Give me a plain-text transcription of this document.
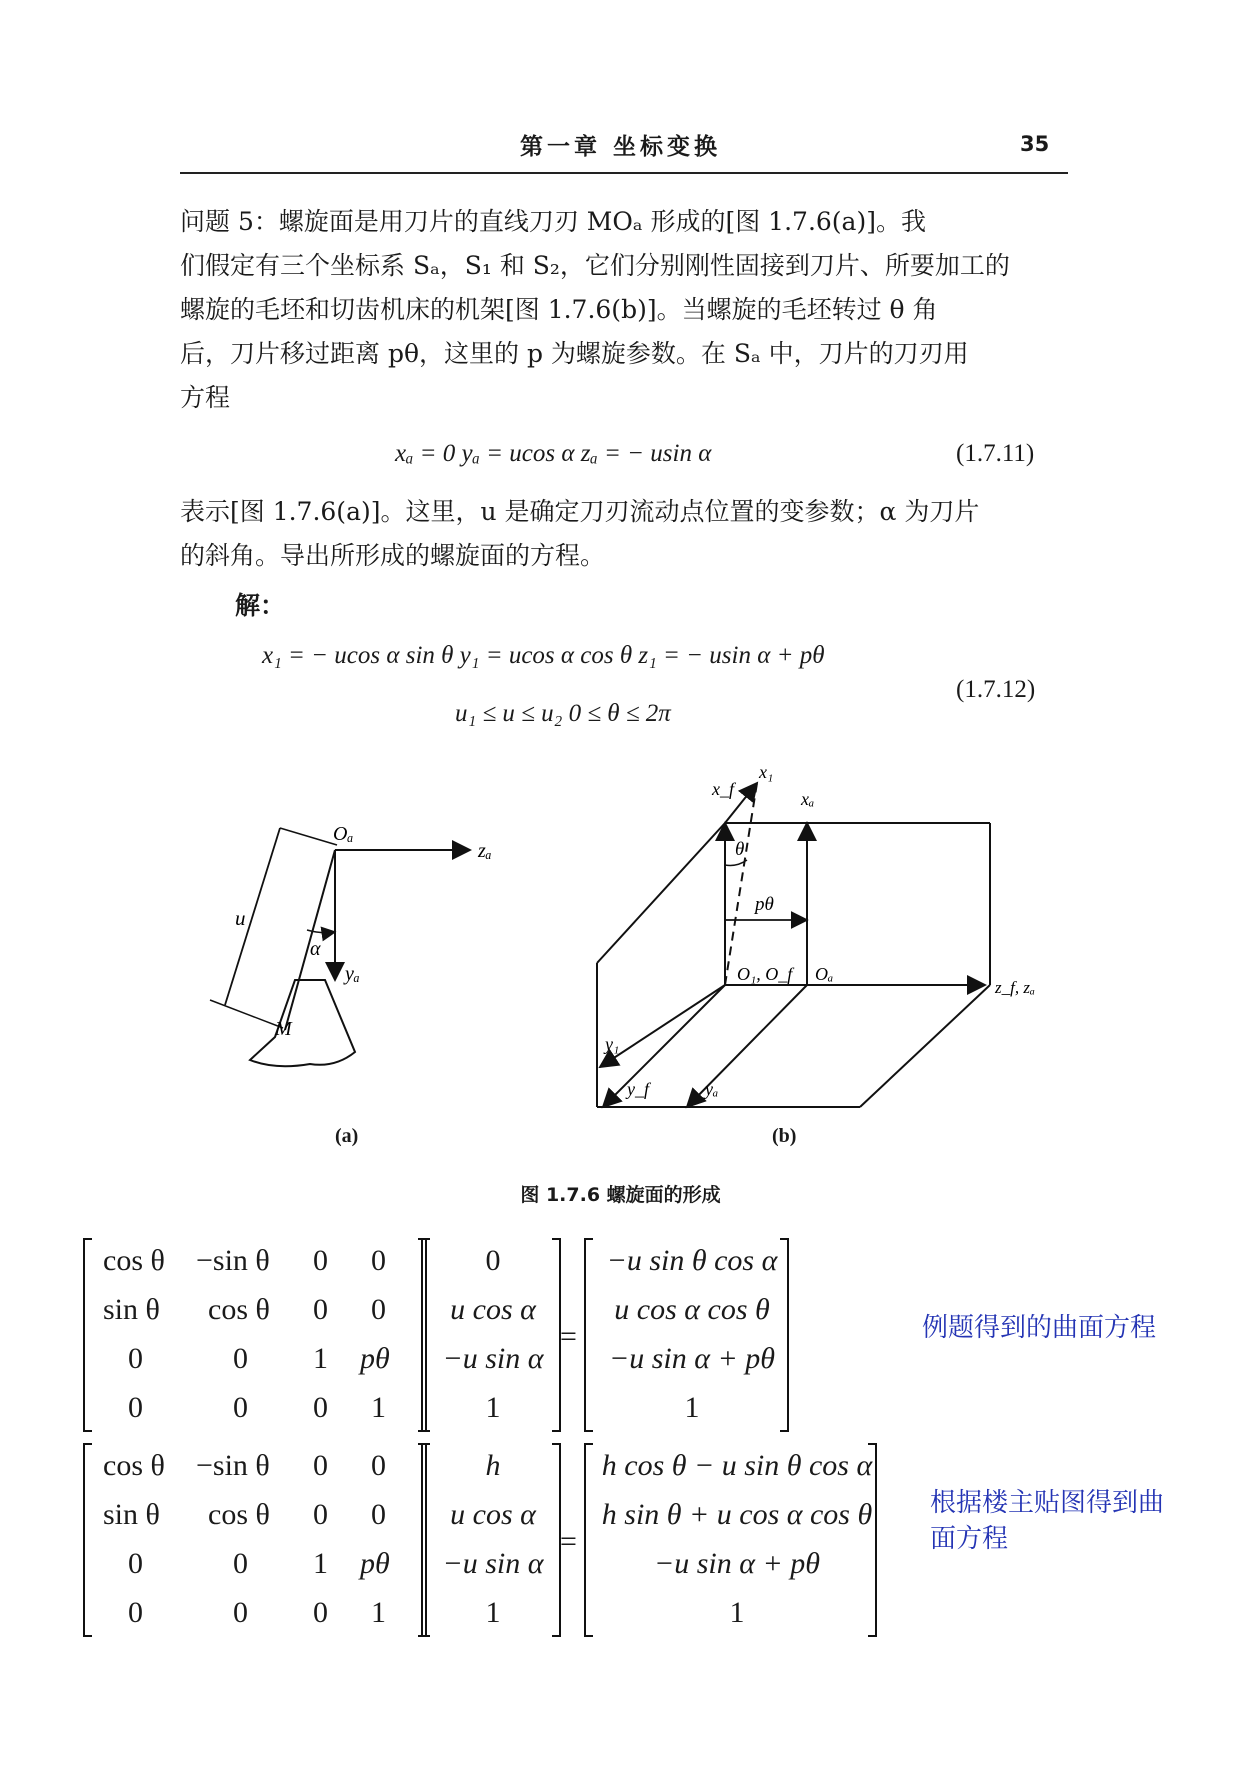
第一章 坐标变换	35

问题 5：螺旋面是用刀片的直线刀刃 MOₐ 形成的[图 1.7.6(a)]。我

们假定有三个坐标系 Sₐ，S₁ 和 S₂，它们分别刚性固接到刀片、所要加工的

螺旋的毛坯和切齿机床的机架[图 1.7.6(b)]。当螺旋的毛坯转过 θ 角

后，刀片移过距离 pθ，这里的 p 为螺旋参数。在 Sₐ 中，刀片的刀刃用

方程

xₐ = 0 yₐ = ucos α zₐ = − usin α	(1.7.11)

表示[图 1.7.6(a)]。这里，u 是确定刀刃流动点位置的变参数；α 为刀片

的斜角。导出所形成的螺旋面的方程。

解：
x₁ = − ucos α sin θ y₁ = ucos α cos θ z₁ = − usin α + pθ
(1.7.12)
u₁ ≤ u ≤ u₂ 0 ≤ θ ≤ 2π
Oₐ
zₐ
u
α
yₐ
M
(a)
x₁
x_f	xₐ
θ
pθ
O₁, O_f Oₐ
z_f, zₐ
y₁
y_f	yₐ
(b)
图 1.7.6 螺旋面的形成
cos θ −sin θ 0 0
sin θ cos θ 0 0
0	0 1 pθ
0	0 0 1
0
u cos α
−u sin α
1
=
−u sin θ cos α
u cos α cos θ
−u sin α + pθ
1
例题得到的曲面方程
cos θ −sin θ 0 0
sin θ cos θ 0 0
0	0 1 pθ
0	0 0 1
h
u cos α
−u sin α
1
=
h cos θ − u sin θ cos α
h sin θ + u cos α cos θ
−u sin α + pθ
1
根据楼主贴图得到曲
面方程
